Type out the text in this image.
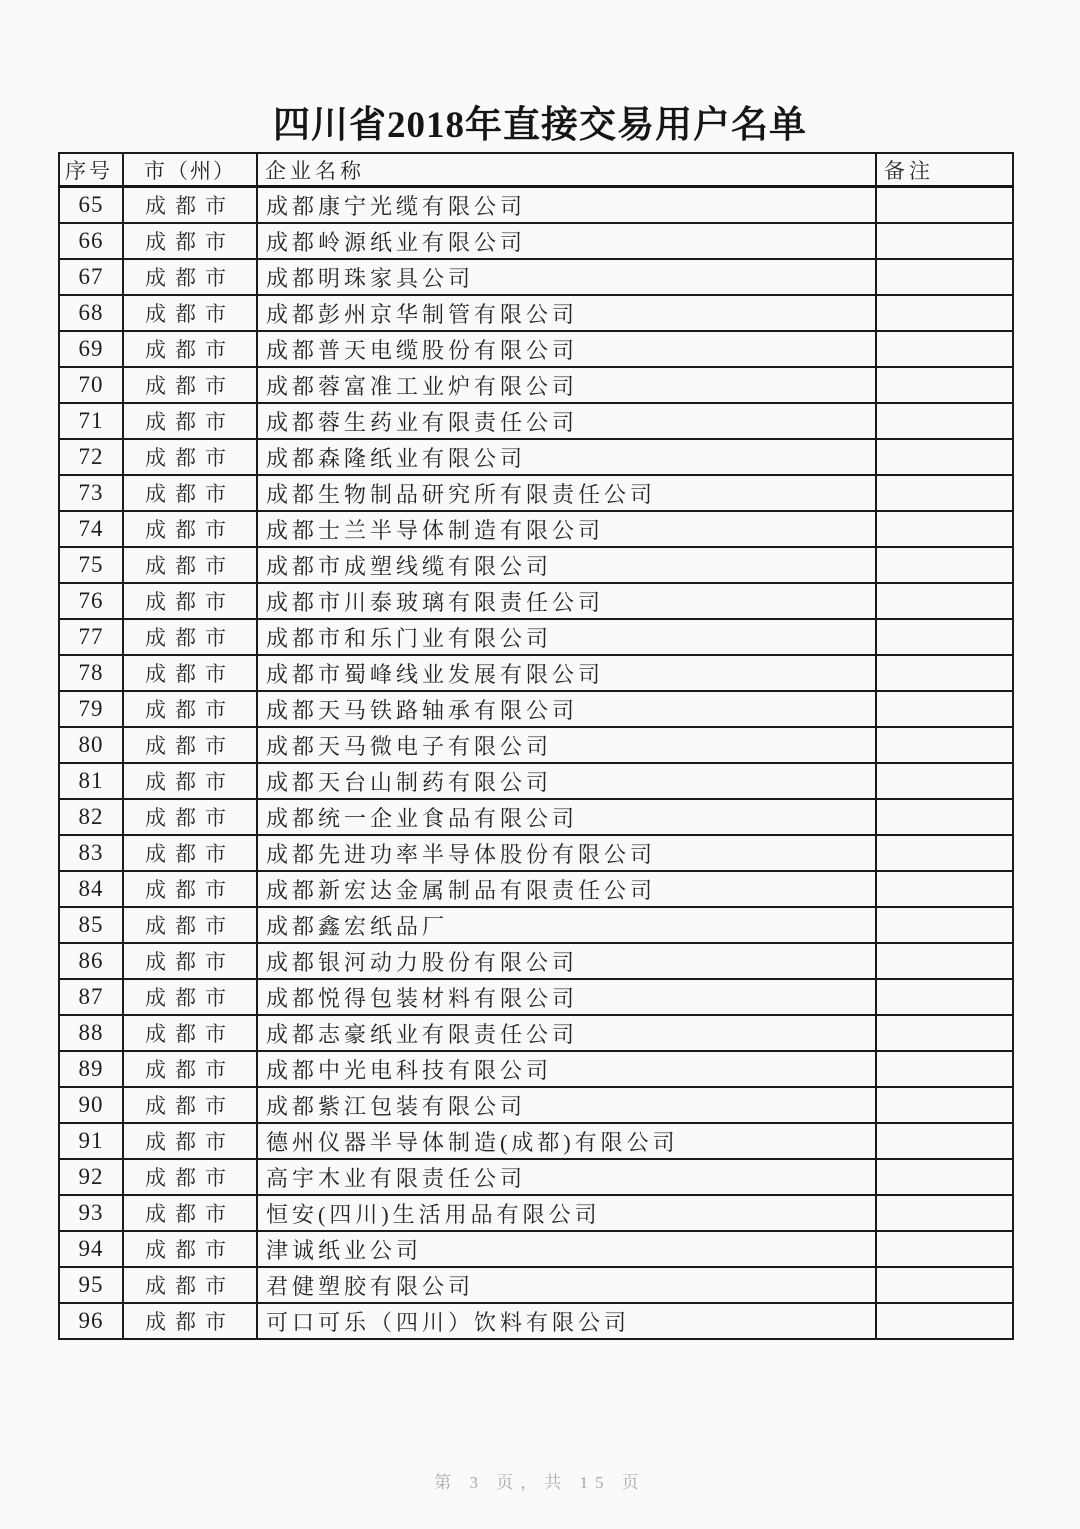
四川省2018年直接交易用户名单
序号	市（州）	企业名称	备注
65	成都市	成都康宁光缆有限公司	
66	成都市	成都岭源纸业有限公司	
67	成都市	成都明珠家具公司	
68	成都市	成都彭州京华制管有限公司	
69	成都市	成都普天电缆股份有限公司	
70	成都市	成都蓉富准工业炉有限公司	
71	成都市	成都蓉生药业有限责任公司	
72	成都市	成都森隆纸业有限公司	
73	成都市	成都生物制品研究所有限责任公司	
74	成都市	成都士兰半导体制造有限公司	
75	成都市	成都市成塑线缆有限公司	
76	成都市	成都市川泰玻璃有限责任公司	
77	成都市	成都市和乐门业有限公司	
78	成都市	成都市蜀峰线业发展有限公司	
79	成都市	成都天马铁路轴承有限公司	
80	成都市	成都天马微电子有限公司	
81	成都市	成都天台山制药有限公司	
82	成都市	成都统一企业食品有限公司	
83	成都市	成都先进功率半导体股份有限公司	
84	成都市	成都新宏达金属制品有限责任公司	
85	成都市	成都鑫宏纸品厂	
86	成都市	成都银河动力股份有限公司	
87	成都市	成都悦得包装材料有限公司	
88	成都市	成都志豪纸业有限责任公司	
89	成都市	成都中光电科技有限公司	
90	成都市	成都紫江包装有限公司	
91	成都市	德州仪器半导体制造(成都)有限公司	
92	成都市	高宇木业有限责任公司	
93	成都市	恒安(四川)生活用品有限公司	
94	成都市	津诚纸业公司	
95	成都市	君健塑胶有限公司	
96	成都市	可口可乐（四川）饮料有限公司	
第 3 页，共 15 页
